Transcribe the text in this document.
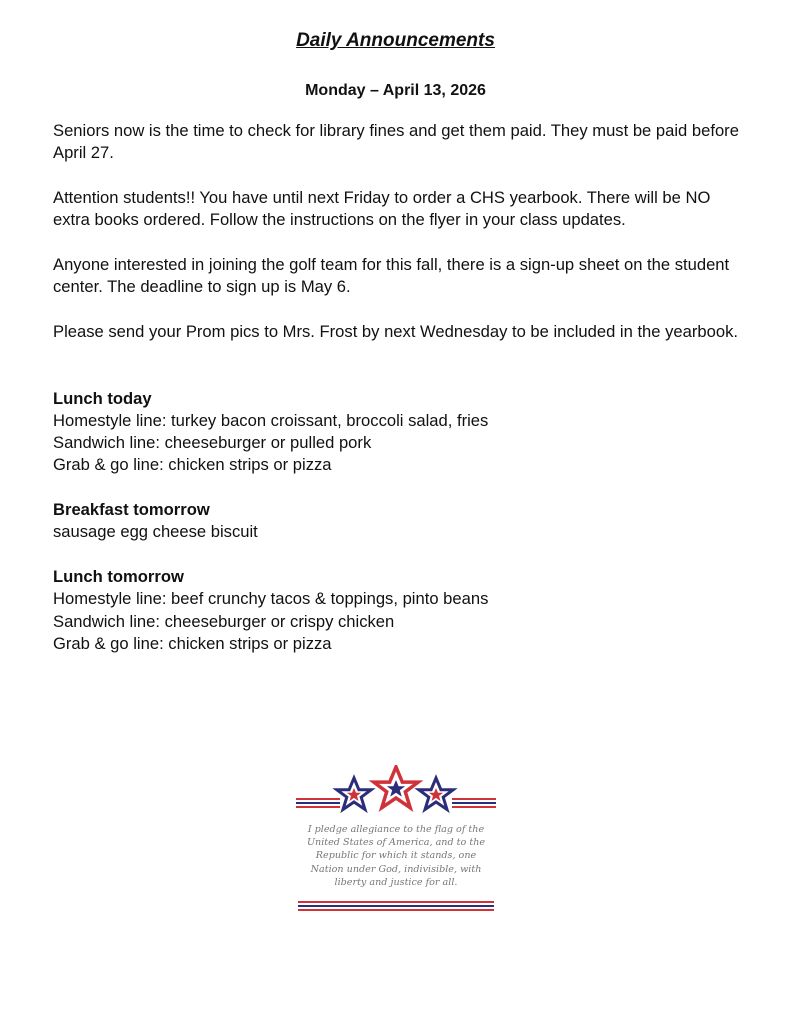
Daily Announcements
Monday – April 13, 2026

Seniors now is the time to check for library fines and get them paid. They must be paid before April 27.

Attention students!! You have until next Friday to order a CHS yearbook. There will be NO extra books ordered. Follow the instructions on the flyer in your class updates.

Anyone interested in joining the golf team for this fall, there is a sign-up sheet on the student center. The deadline to sign up is May 6.

Please send your Prom pics to Mrs. Frost by next Wednesday to be included in the yearbook.

Lunch today
Homestyle line: turkey bacon croissant, broccoli salad, fries
Sandwich line: cheeseburger or pulled pork
Grab & go line: chicken strips or pizza
Breakfast tomorrow
sausage egg cheese biscuit
Lunch tomorrow
Homestyle line: beef crunchy tacos & toppings, pinto beans
Sandwich line: cheeseburger or crispy chicken
Grab & go line: chicken strips or pizza
I pledge allegiance to the flag of the
United States of America, and to the
Republic for which it stands, one
Nation under God, indivisible, with
liberty and justice for all.
